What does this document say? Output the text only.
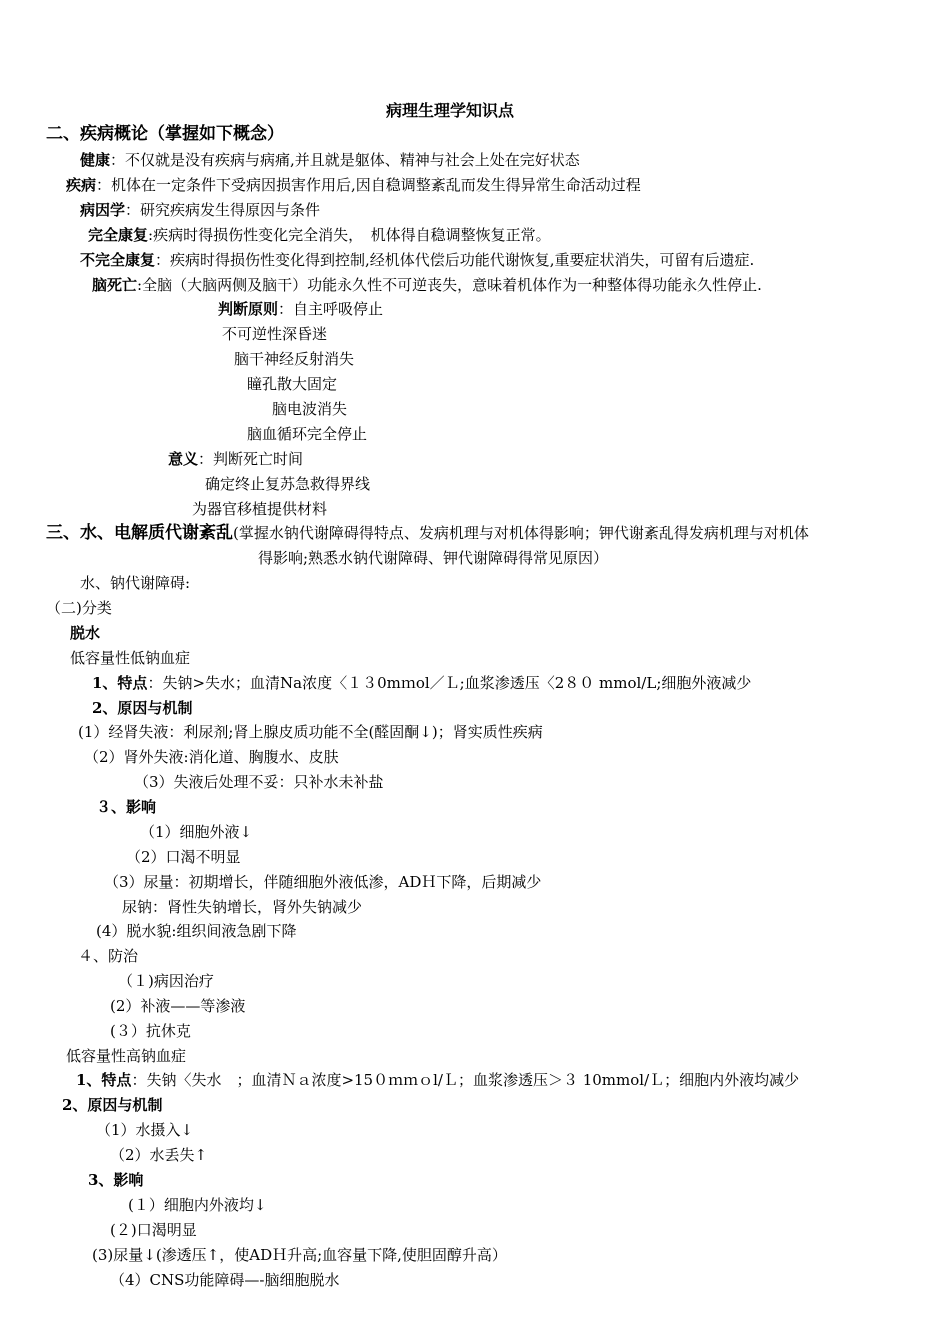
病理生理学知识点
二、疾病概论（掌握如下概念）
健康：不仅就是没有疾病与病痛,并且就是躯体、精神与社会上处在完好状态
疾病：机体在一定条件下受病因损害作用后,因自稳调整紊乱而发生得异常生命活动过程
病因学：研究疾病发生得原因与条件
完全康复:疾病时得损伤性变化完全消失，　机体得自稳调整恢复正常。
不完全康复：疾病时得损伤性变化得到控制,经机体代偿后功能代谢恢复,重要症状消失，可留有后遗症.
脑死亡:全脑（大脑两侧及脑干）功能永久性不可逆丧失，意味着机体作为一种整体得功能永久性停止.
判断原则：自主呼吸停止
不可逆性深昏迷
脑干神经反射消失
瞳孔散大固定
脑电波消失
脑血循环完全停止
意义：判断死亡时间
确定终止复苏急救得界线
为器官移植提供材料
三、水、电解质代谢紊乱(掌握水钠代谢障碍得特点、发病机理与对机体得影响；钾代谢紊乱得发病机理与对机体
得影响;熟悉水钠代谢障碍、钾代谢障碍得常见原因）
水、钠代谢障碍:
（二)分类
脱水
低容量性低钠血症
1、特点：失钠>失水；血清Na浓度〈１３0mｍol／Ｌ;血浆渗透压〈2８０ mmol/L;细胞外液减少
2、原因与机制
(1）经肾失液：利尿剂;肾上腺皮质功能不全(醛固酮↓)；肾实质性疾病
（2）肾外失液:消化道、胸腹水、皮肤
（3）失液后处理不妥：只补水未补盐
３、影响
（1）细胞外液↓
（2）口渴不明显
（3）尿量：初期增长，伴随细胞外液低渗，ADＨ下降，后期减少
尿钠：肾性失钠增长，肾外失钠减少
(4）脱水貌:组织间液急剧下降
４、防治
（１)病因治疗
(2）补液——等渗液
(３）抗休克
低容量性高钠血症
1、特点：失钠〈失水　；血清Ｎａ浓度>15０ｍｍｏl/Ｌ；血浆渗透压＞３ 10mmol/Ｌ；细胞内外液均减少
2、原因与机制
（1）水摄入↓
（2）水丢失↑
3、影响
(１）细胞内外液均↓
(２)口渴明显
(3)尿量↓(渗透压↑，使ADＨ升高;血容量下降,使胆固醇升高）
（4）CNS功能障碍—-脑细胞脱水
